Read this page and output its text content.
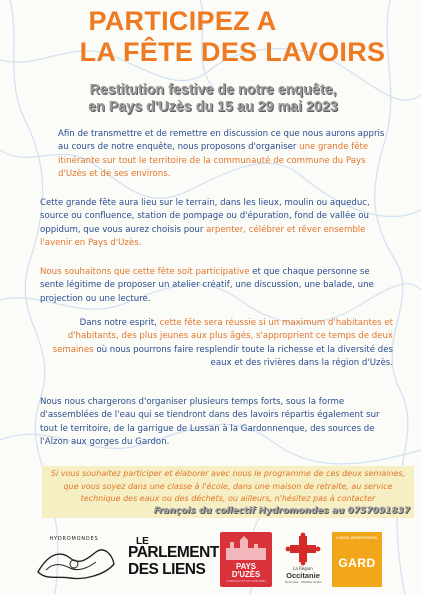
PARTICIPEZ A
LA FÊTE DES LAVOIRS
Restitution festive de notre enquête,
en Pays d'Uzès du 15 au 29 mai 2023

Afin de transmettre et de remettre en discussion ce que nous aurons appris au cours de notre enquête, nous proposons d'organiser une grande fête itinérante sur tout le territoire de la communauté de commune du Pays d'Uzès et de ses environs.

Cette grande fête aura lieu sur le terrain, dans les lieux, moulin ou aqueduc, source ou confluence, station de pompage ou d'épuration, fond de vallée ou oppidum, que vous aurez choisis pour arpenter, célébrer et rêver ensemble l'avenir en Pays d'Uzès.

Nous souhaitons que cette fête soit participative et que chaque personne se sente légitime de proposer un atelier créatif, une discussion, une balade, une projection ou une lecture.

Dans notre esprit, cette fête sera réussie si un maximum d'habitantes et d'habitants, des plus jeunes aux plus âgés, s'approprient ce temps de deux semaines où nous pourrons faire resplendir toute la richesse et la diversité des eaux et des rivières dans la région d'Uzès.

Nous nous chargerons d'organiser plusieurs temps forts, sous la forme d'assemblées de l'eau qui se tiendront dans des lavoirs répartis également sur tout le territoire, de la garrigue de Lussan à la Gardonnenque, des sources de l'Alzon aux gorges du Gardon.

Si vous souhaitez participer et élaborer avec nous le programme de ces deux semaines, que vous soyez dans une classe à l'école, dans une maison de retraite, au service technique des eaux ou des déchets, ou ailleurs, n'hésitez pas à contacter

François du collectif Hydromondes au 0757091837
HYDROMONDES	LE
PARLEMENT
DES LIENS	PAYS
D'UZÈS
COMMUNAUTÉ DE COMMUNES
La Région
Occitanie
Pyrénées - Méditerranée
CONSEIL DÉPARTEMENTAL
GARD
